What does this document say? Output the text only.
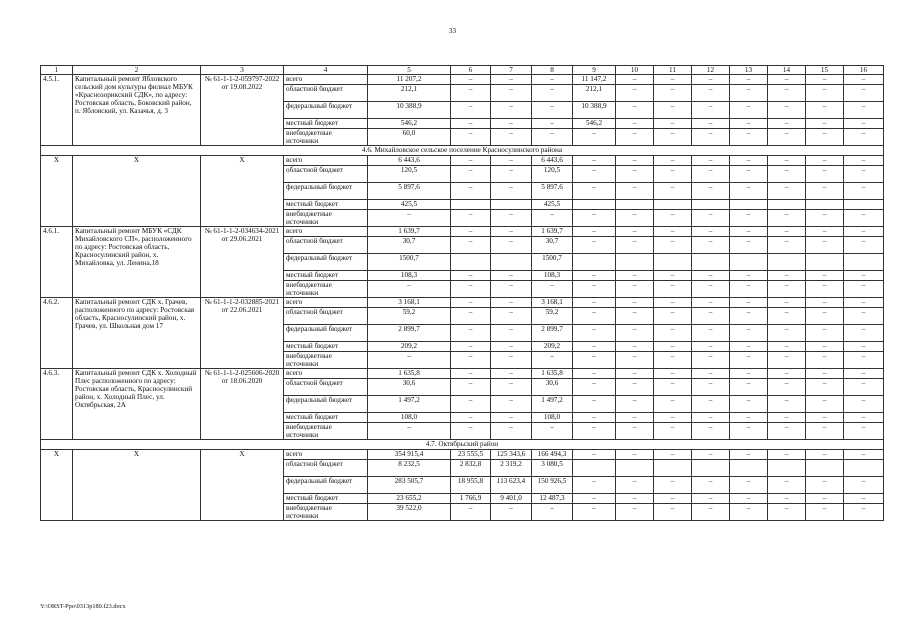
33
1	2	3	4	5	6	7	8	9	10	11	12	13	14	15	16
4.5.1.	Капитальный ремонт Ябловского сельский дом культуры филиал МБУК «Краснозорикский СДК», по адресу: Ростовская область, Боковский район, п. Ябловский, ул. Казачья, д. 3	№ 61-1-1-2-059797-2022 от 19.08.2022	всего	11 207,2	–	–	–	11 147,2	–	–	–	–	–	–	–
			областной бюджет	212,1	–	–	–	212,1	–	–	–	–	–	–	–
			федеральный бюджет	10 388,9	–	–	–	10 388,9	–	–	–	–	–	–	–
			местный бюджет	546,2	–	–	–	546,2	–	–	–	–	–	–	–
			внебюджетные источники	60,0	–	–	–	–	–	–	–	–	–	–	–
4.6. Михайловское сельское поселение Красносулинского района															
Х	Х	Х	всего	6 443,6	–	–	6 443,6	–	–	–	–	–	–	–	–
			областной бюджет	120,5	–	–	120,5	–	–	–	–	–	–	–	–
			федеральный бюджет	5 897,6	–	–	5 897,6	–	–	–	–	–	–	–	–
			местный бюджет	425,5			425,5								
			внебюджетные источники	–	–	–	–	–	–	–	–	–	–	–	–
4.6.1.	Капитальный ремонт МБУК «СДК Михайловского СП», расположенного по адресу: Ростовская область, Красносулинский район, х. Михайловка, ул. Ленина,18	№ 61-1-1-2-034634-2021 от 29.06.2021	всего	1 639,7	–	–	1 639,7	–	–	–	–	–	–	–	–
			областной бюджет	30,7	–	–	30,7	–	–	–	–	–	–	–	–
			федеральный бюджет	1500,7			1500,7								
			местный бюджет	108,3	–	–	108,3	–	–	–	–	–	–	–	–
			внебюджетные источники	–	–	–	–	–	–	–	–	–	–	–	–
4.6.2.	Капитальный ремонт СДК х. Грачев, расположенного по адресу: Ростовская область, Красносулинский район, х. Грачев, ул. Школьная дом 17	№ 61-1-1-2-032885-2021 от 22.06.2021	всего	3 168,1	–	–	3 168,1	–	–	–	–	–	–	–	–
			областной бюджет	59,2	–	–	59,2	–	–	–	–	–	–	–	–
			федеральный бюджет	2 899,7	–	–	2 899,7	–	–	–	–	–	–	–	–
			местный бюджет	209,2	–	–	209,2	–	–	–	–	–	–	–	–
			внебюджетные источники	–	–	–	–	–	–	–	–	–	–	–	–
4.6.3.	Капитальный ремонт СДК х. Холодный Плес расположенного по адресу: Ростовская область, Красносулинский район, х. Холодный Плес, ул. Октябрьская, 2А	№ 61-1-1-2-025606-2020 от 18.06.2020	всего	1 635,8	–	–	1 635,8	–	–	–	–	–	–	–	–
			областной бюджет	30,6	–	–	30,6	–	–	–	–	–	–	–	–
			федеральный бюджет	1 497,2	–	–	1 497,2	–	–	–	–	–	–	–	–
			местный бюджет	108,0	–	–	108,0	–	–	–	–	–	–	–	–
			внебюджетные источники	–	–	–	–	–	–	–	–	–	–	–	–
4.7. Октябрьский район															
Х	Х	Х	всего	354 915,4	23 555,5	125 343,6	166 494,3	–	–	–	–	–	–	–	–
			областной бюджет	8 232,5	2 832,8	2 319,2	3 080,5								
			федеральный бюджет	283 505,7	18 955,8	113 623,4	150 926,5	–	–	–	–	–	–	–	–
			местный бюджет	23 655,2	1 766,9	9 401,0	12 487,3	–	–	–	–	–	–	–	–
			внебюджетные источники	39 522,0	–	–	–	–	–	–	–	–	–	–	–
Y:\ORST-Ppo\0313p180.f23.docx
